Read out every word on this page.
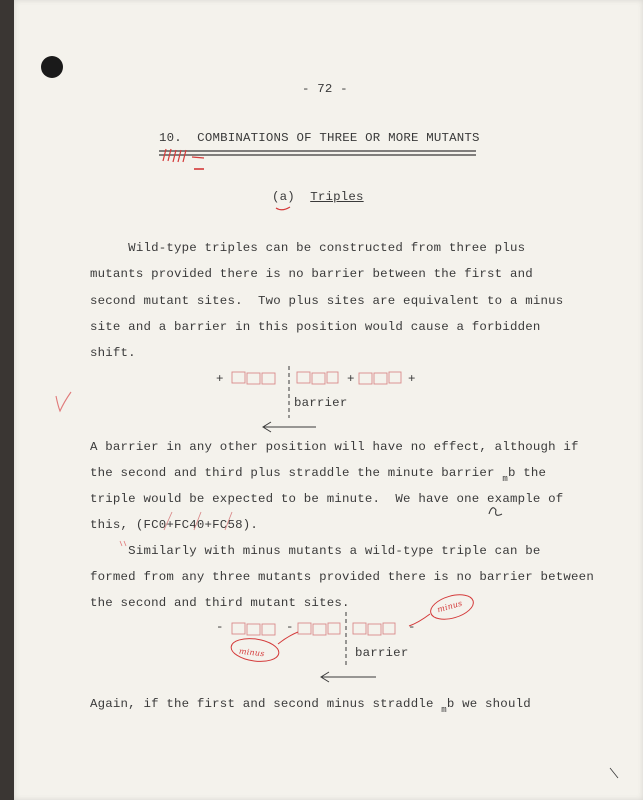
- 72 -
10.  COMBINATIONS OF THREE OR MORE MUTANTS
(a) Triples
Wild-type triples can be constructed from three plus
mutants provided there is no barrier between the first and
second mutant sites.  Two plus sites are equivalent to a minus
site and a barrier in this position would cause a forbidden
shift.
+	+	+
barrier
A barrier in any other position will have no effect, although if
the second and third plus straddle the minute barrier $_m$b the
triple would be expected to be minute.  We have one example of
this, (FC0+FC40+FC58).
Similarly with minus mutants a wild-type triple can be
formed from any three mutants provided there is no barrier between
the second and third mutant sites.
-	-	-
barrier
Again, if the first and second minus straddle $_m$b we should
minus
minus
